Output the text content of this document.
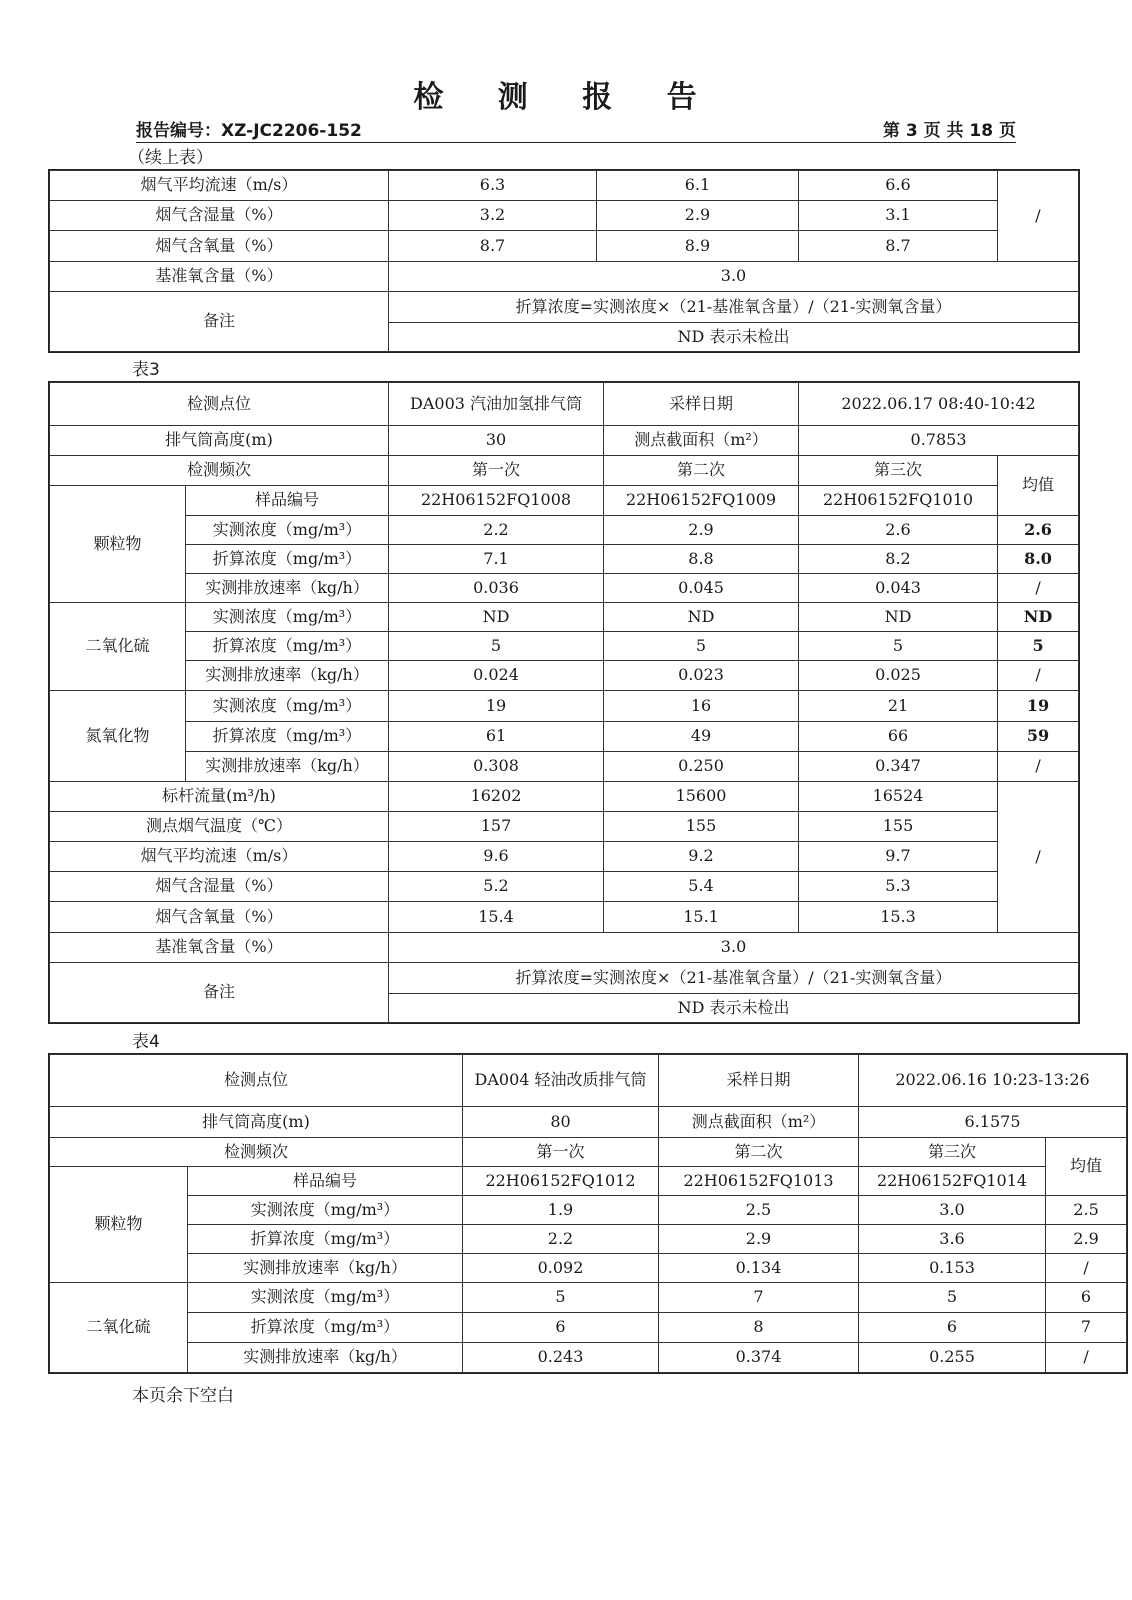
检 测 报 告
报告编号：XZ-JC2206-152	第 3 页 共 18 页
（续上表）
烟气平均流速（m/s）	6.3	6.1	6.6	/
烟气含湿量（%）	3.2	2.9	3.1	
烟气含氧量（%）	8.7	8.9	8.7	
基准氧含量（%）	3.0			
备注	折算浓度=实测浓度×（21-基准氧含量）/（21-实测氧含量）			
	ND 表示未检出			
表3
检测点位		DA003 汽油加氢排气筒	采样日期	2022.06.17 08:40-10:42	
排气筒高度(m)		30	测点截面积（m²）	0.7853	
检测频次		第一次	第二次	第三次	均值
颗粒物	样品编号	22H06152FQ1008	22H06152FQ1009	22H06152FQ1010	
	实测浓度（mg/m³）	2.2	2.9	2.6	2.6
	折算浓度（mg/m³）	7.1	8.8	8.2	8.0
	实测排放速率（kg/h）	0.036	0.045	0.043	/
二氧化硫	实测浓度（mg/m³）	ND	ND	ND	ND
	折算浓度（mg/m³）	5	5	5	5
	实测排放速率（kg/h）	0.024	0.023	0.025	/
氮氧化物	实测浓度（mg/m³）	19	16	21	19
	折算浓度（mg/m³）	61	49	66	59
	实测排放速率（kg/h）	0.308	0.250	0.347	/
标杆流量(m³/h)		16202	15600	16524	/
测点烟气温度（℃）		157	155	155	
烟气平均流速（m/s）		9.6	9.2	9.7	
烟气含湿量（%）		5.2	5.4	5.3	
烟气含氧量（%）		15.4	15.1	15.3	
基准氧含量（%）		3.0			
备注		折算浓度=实测浓度×（21-基准氧含量）/（21-实测氧含量）			
		ND 表示未检出			
表4
检测点位		DA004 轻油改质排气筒	采样日期	2022.06.16 10:23-13:26	
排气筒高度(m)		80	测点截面积（m²）	6.1575	
检测频次		第一次	第二次	第三次	均值
颗粒物	样品编号	22H06152FQ1012	22H06152FQ1013	22H06152FQ1014	
	实测浓度（mg/m³）	1.9	2.5	3.0	2.5
	折算浓度（mg/m³）	2.2	2.9	3.6	2.9
	实测排放速率（kg/h）	0.092	0.134	0.153	/
二氧化硫	实测浓度（mg/m³）	5	7	5	6
	折算浓度（mg/m³）	6	8	6	7
	实测排放速率（kg/h）	0.243	0.374	0.255	/
本页余下空白
